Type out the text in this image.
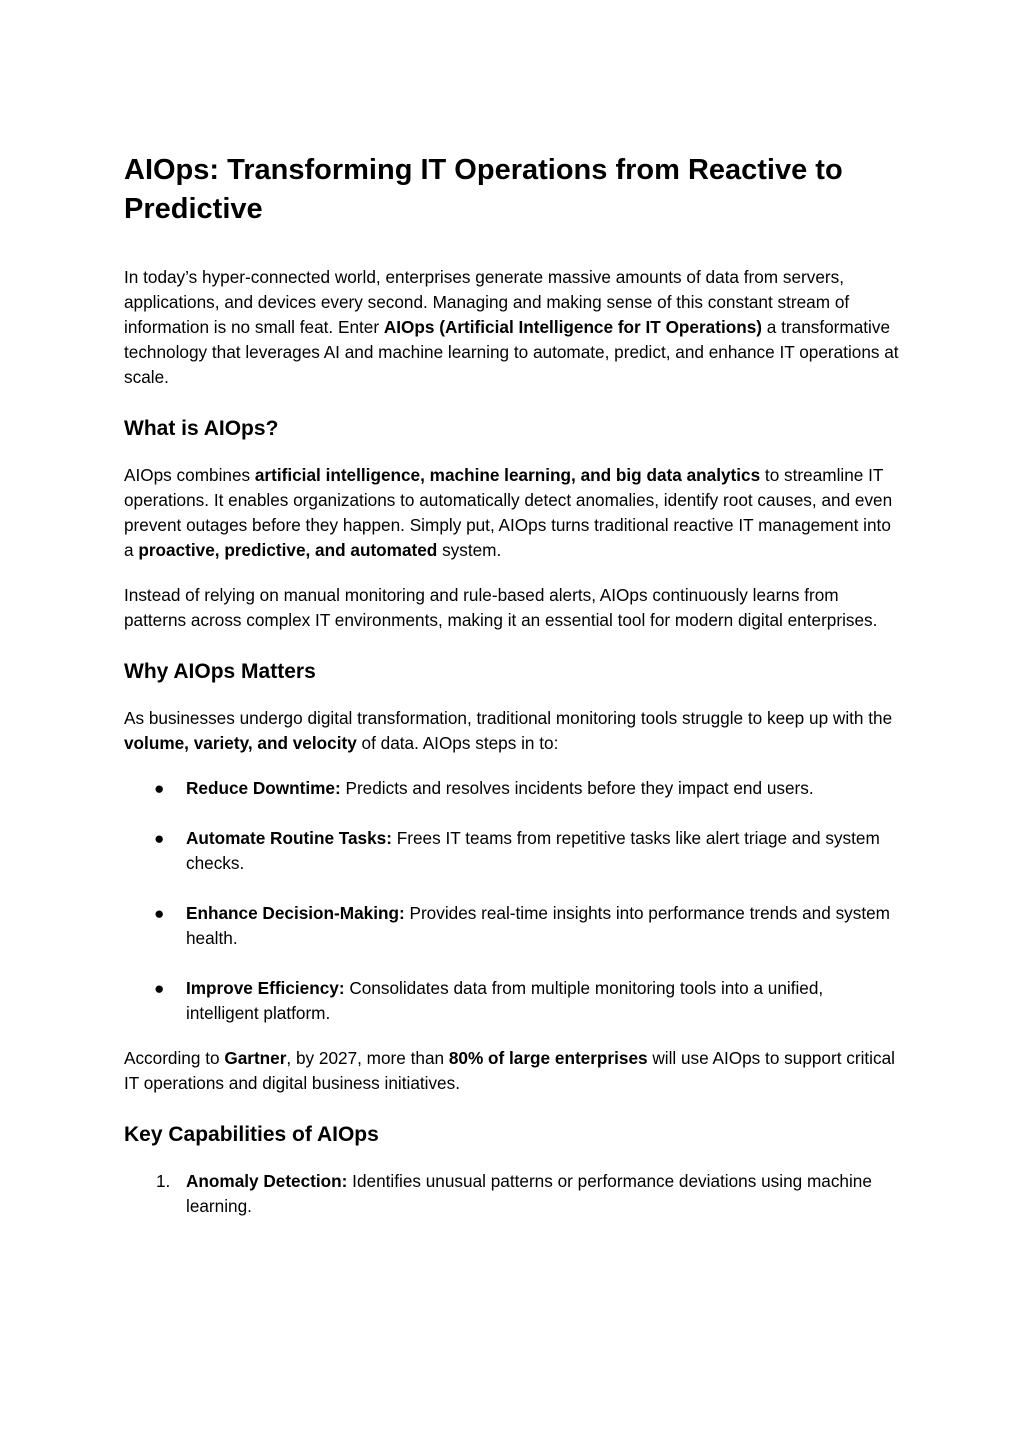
AIOps: Transforming IT Operations from Reactive to Predictive

In today’s hyper-connected world, enterprises generate massive amounts of data from servers, applications, and devices every second. Managing and making sense of this constant stream of information is no small feat. Enter AIOps (Artificial Intelligence for IT Operations) a transformative technology that leverages AI and machine learning to automate, predict, and enhance IT operations at scale.

What is AIOps?

AIOps combines artificial intelligence, machine learning, and big data analytics to streamline IT operations. It enables organizations to automatically detect anomalies, identify root causes, and even prevent outages before they happen. Simply put, AIOps turns traditional reactive IT management into a proactive, predictive, and automated system.

Instead of relying on manual monitoring and rule-based alerts, AIOps continuously learns from patterns across complex IT environments, making it an essential tool for modern digital enterprises.

Why AIOps Matters

As businesses undergo digital transformation, traditional monitoring tools struggle to keep up with the volume, variety, and velocity of data. AIOps steps in to:

● Reduce Downtime: Predicts and resolves incidents before they impact end users.
● Automate Routine Tasks: Frees IT teams from repetitive tasks like alert triage and system checks.
● Enhance Decision-Making: Provides real-time insights into performance trends and system health.
● Improve Efficiency: Consolidates data from multiple monitoring tools into a unified, intelligent platform.

According to Gartner, by 2027, more than 80% of large enterprises will use AIOps to support critical IT operations and digital business initiatives.

Key Capabilities of AIOps
1. Anomaly Detection: Identifies unusual patterns or performance deviations using machine learning.
